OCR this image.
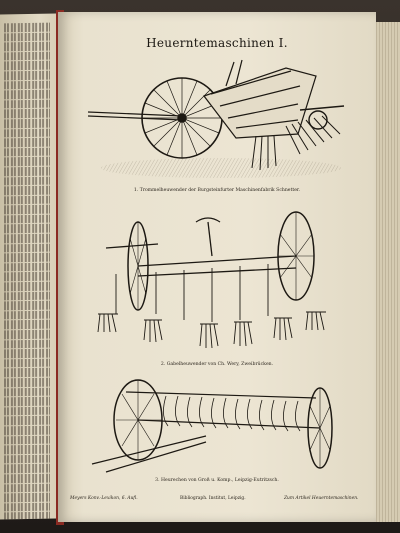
Heuerntemaschinen I.
1. Trommelheuwender der Burgsteinfurter Maschinenfabrik Schnetter.
2. Gabelheuwender von Ch. Wery, Zweibrücken.
3. Heurechen von Groß u. Komp., Leipzig-Eutritzsch.
Meyers Konv.-Lexikon, 6. Aufl.	Bibliograph. Institut, Leipzig.	Zum Artikel Heuerntemaschinen.
